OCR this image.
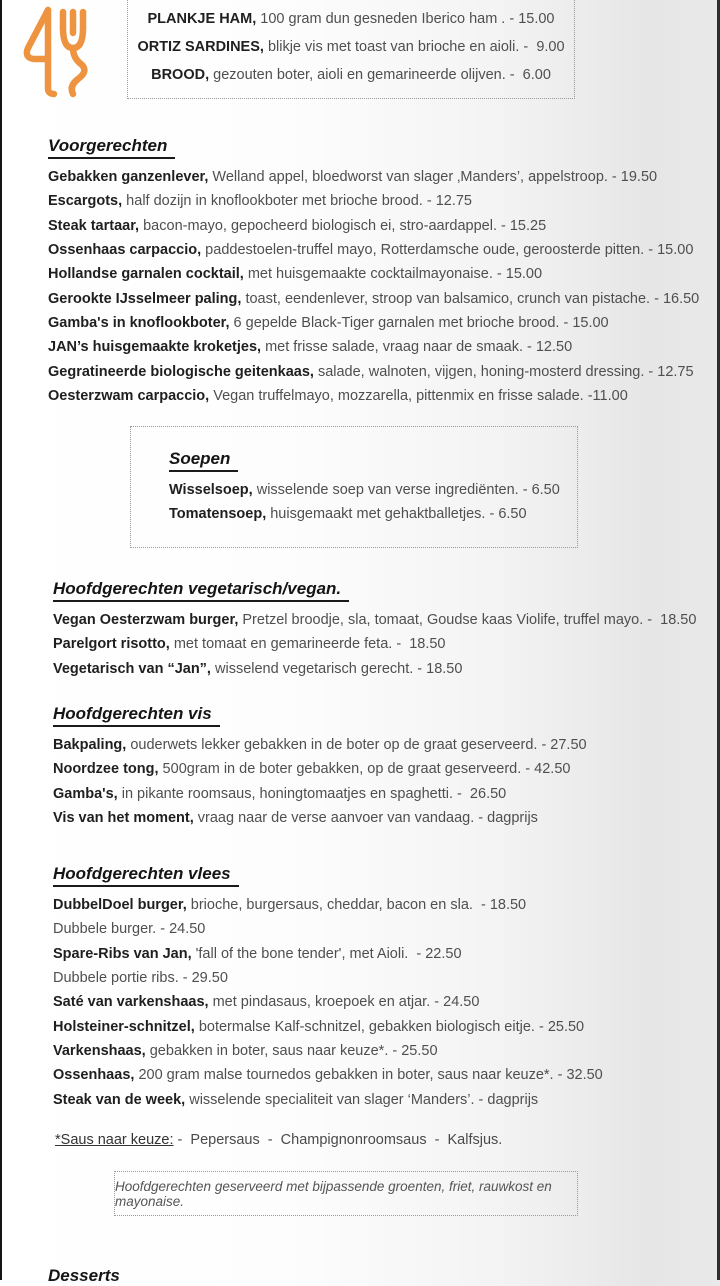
PLANKJE HAM, 100 gram dun gesneden Iberico ham . - 15.00
ORTIZ SARDINES, blikje vis met toast van brioche en aioli. -  9.00
BROOD, gezouten boter, aioli en gemarineerde olijven. -  6.00
Voorgerechten
Gebakken ganzenlever, Welland appel, bloedworst van slager ‚Manders’, appelstroop. - 19.50
Escargots, half dozijn in knoflookboter met brioche brood. - 12.75
Steak tartaar, bacon-mayo, gepocheerd biologisch ei, stro-aardappel. - 15.25
Ossenhaas carpaccio, paddestoelen-truffel mayo, Rotterdamsche oude, geroosterde pitten. - 15.00
Hollandse garnalen cocktail, met huisgemaakte cocktailmayonaise. - 15.00
Gerookte IJsselmeer paling, toast, eendenlever, stroop van balsamico, crunch van pistache. - 16.50
Gamba's in knoflookboter, 6 gepelde Black-Tiger garnalen met brioche brood. - 15.00
JAN’s huisgemaakte kroketjes, met frisse salade, vraag naar de smaak. - 12.50
Gegratineerde biologische geitenkaas, salade, walnoten, vijgen, honing-mosterd dressing. - 12.75
Oesterzwam carpaccio, Vegan truffelmayo, mozzarella, pittenmix en frisse salade. -11.00
Soepen
Wisselsoep, wisselende soep van verse ingrediënten. - 6.50
Tomatensoep, huisgemaakt met gehaktballetjes. - 6.50
Hoofdgerechten vegetarisch/vegan.
Vegan Oesterzwam burger, Pretzel broodje, sla, tomaat, Goudse kaas Violife, truffel mayo. -  18.50
Parelgort risotto, met tomaat en gemarineerde feta. -  18.50
Vegetarisch van “Jan”, wisselend vegetarisch gerecht. - 18.50
Hoofdgerechten vis
Bakpaling, ouderwets lekker gebakken in de boter op de graat geserveerd. - 27.50
Noordzee tong, 500gram in de boter gebakken, op de graat geserveerd. - 42.50
Gamba's, in pikante roomsaus, honingtomaatjes en spaghetti. -  26.50
Vis van het moment, vraag naar de verse aanvoer van vandaag. - dagprijs
Hoofdgerechten vlees
DubbelDoel burger, brioche, burgersaus, cheddar, bacon en sla.  - 18.50
Dubbele burger. - 24.50
Spare-Ribs van Jan, 'fall of the bone tender', met Aioli.  - 22.50
Dubbele portie ribs. - 29.50
Saté van varkenshaas, met pindasaus, kroepoek en atjar. - 24.50
Holsteiner-schnitzel, botermalse Kalf-schnitzel, gebakken biologisch eitje. - 25.50
Varkenshaas, gebakken in boter, saus naar keuze*. - 25.50
Ossenhaas, 200 gram malse tournedos gebakken in boter, saus naar keuze*. - 32.50
Steak van de week, wisselende specialiteit van slager ‘Manders’. - dagprijs
*Saus naar keuze: -  Pepersaus  -  Champignonroomsaus  -  Kalfsjus.
Hoofdgerechten geserveerd met bijpassende groenten, friet, rauwkost en mayonaise.
Desserts
